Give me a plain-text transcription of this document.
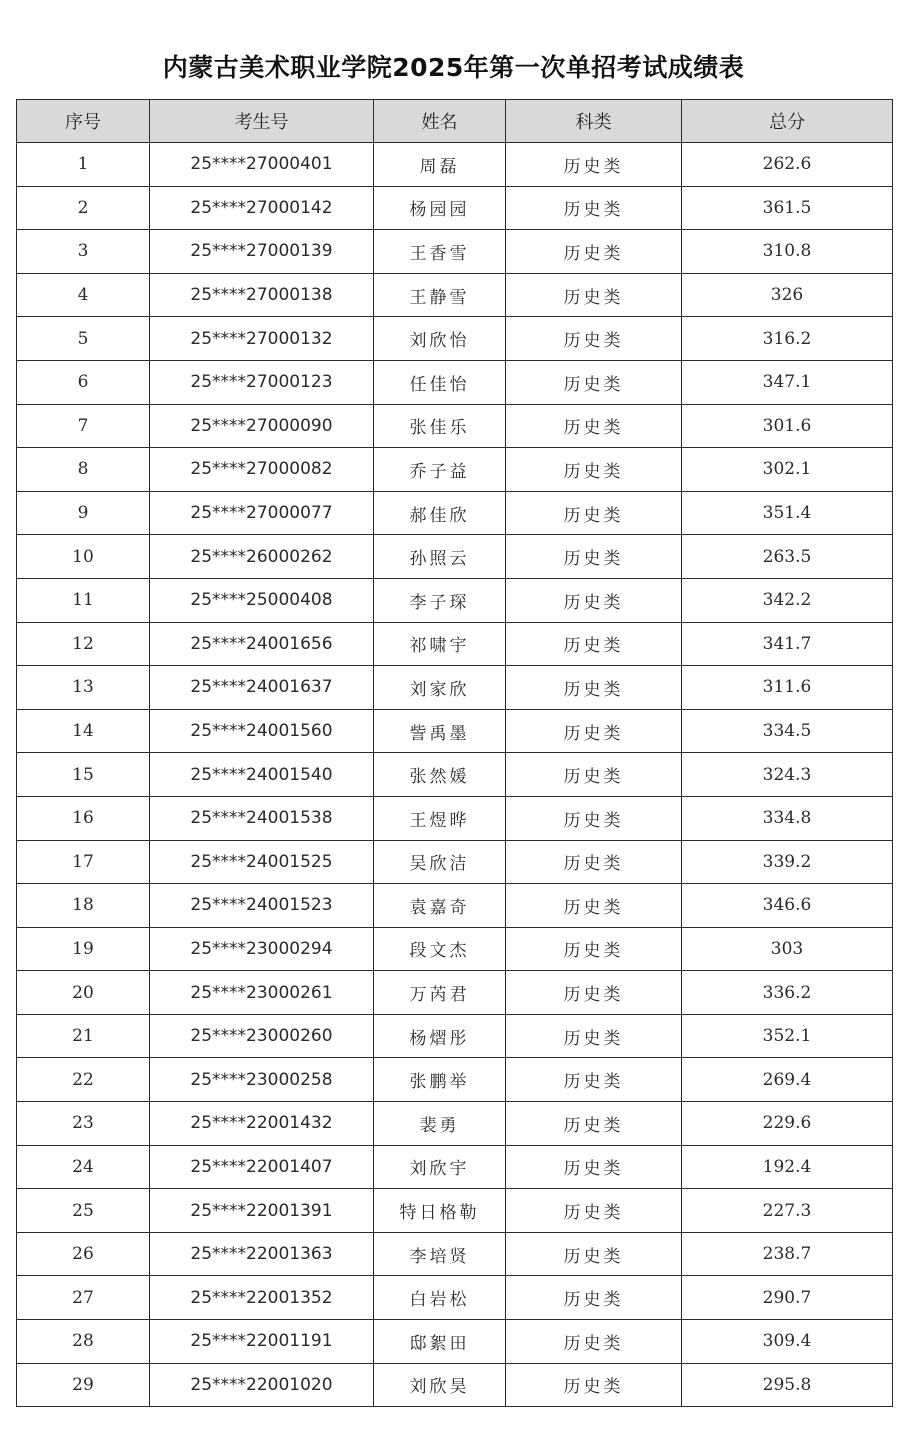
内蒙古美术职业学院2025年第一次单招考试成绩表
序号	考生号	姓名	科类	总分
1	25****27000401	周磊	历史类	262.6
2	25****27000142	杨园园	历史类	361.5
3	25****27000139	王香雪	历史类	310.8
4	25****27000138	王静雪	历史类	326
5	25****27000132	刘欣怡	历史类	316.2
6	25****27000123	任佳怡	历史类	347.1
7	25****27000090	张佳乐	历史类	301.6
8	25****27000082	乔子益	历史类	302.1
9	25****27000077	郝佳欣	历史类	351.4
10	25****26000262	孙照云	历史类	263.5
11	25****25000408	李子琛	历史类	342.2
12	25****24001656	祁啸宇	历史类	341.7
13	25****24001637	刘家欣	历史类	311.6
14	25****24001560	訾禹墨	历史类	334.5
15	25****24001540	张然媛	历史类	324.3
16	25****24001538	王煜晔	历史类	334.8
17	25****24001525	吴欣洁	历史类	339.2
18	25****24001523	袁嘉奇	历史类	346.6
19	25****23000294	段文杰	历史类	303
20	25****23000261	万芮君	历史类	336.2
21	25****23000260	杨熠彤	历史类	352.1
22	25****23000258	张鹏举	历史类	269.4
23	25****22001432	裴勇	历史类	229.6
24	25****22001407	刘欣宇	历史类	192.4
25	25****22001391	特日格勒	历史类	227.3
26	25****22001363	李培贤	历史类	238.7
27	25****22001352	白岩松	历史类	290.7
28	25****22001191	邸絮田	历史类	309.4
29	25****22001020	刘欣昊	历史类	295.8
